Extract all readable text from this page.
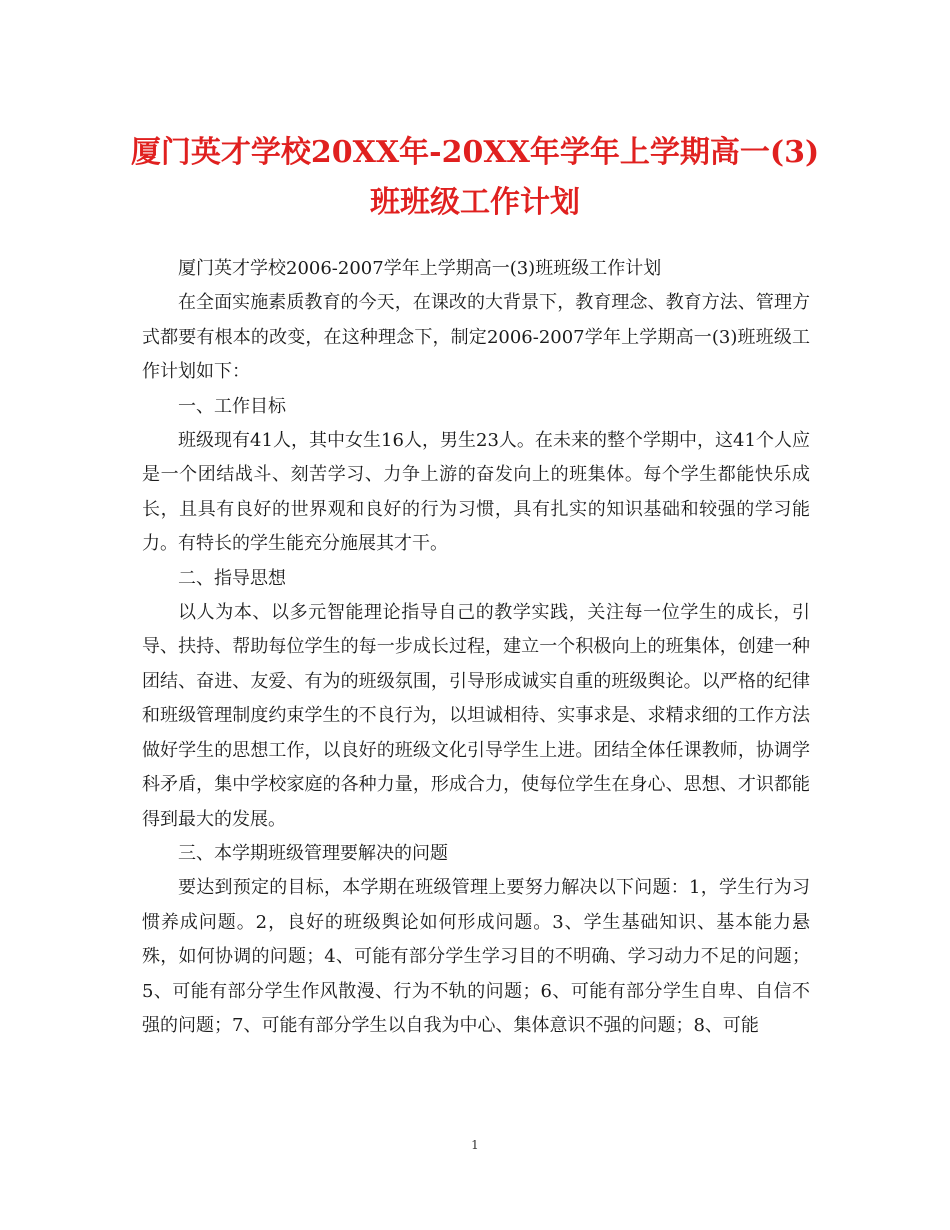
厦门英才学校20XX年-20XX年学年上学期高一(3)班班级工作计划

厦门英才学校2006-2007学年上学期高一(3)班班级工作计划

在全面实施素质教育的今天，在课改的大背景下，教育理念、教育方法、管理方式都要有根本的改变，在这种理念下，制定2006-2007学年上学期高一(3)班班级工作计划如下：

一、工作目标

班级现有41人，其中女生16人，男生23人。在未来的整个学期中，这41个人应是一个团结战斗、刻苦学习、力争上游的奋发向上的班集体。每个学生都能快乐成长，且具有良好的世界观和良好的行为习惯，具有扎实的知识基础和较强的学习能力。有特长的学生能充分施展其才干。

二、指导思想

以人为本、以多元智能理论指导自己的教学实践，关注每一位学生的成长，引导、扶持、帮助每位学生的每一步成长过程，建立一个积极向上的班集体，创建一种团结、奋进、友爱、有为的班级氛围，引导形成诚实自重的班级舆论。以严格的纪律和班级管理制度约束学生的不良行为，以坦诚相待、实事求是、求精求细的工作方法做好学生的思想工作，以良好的班级文化引导学生上进。团结全体任课教师，协调学科矛盾，集中学校家庭的各种力量，形成合力，使每位学生在身心、思想、才识都能得到最大的发展。

三、本学期班级管理要解决的问题

要达到预定的目标，本学期在班级管理上要努力解决以下问题：1，学生行为习惯养成问题。2，良好的班级舆论如何形成问题。3、学生基础知识、基本能力悬殊，如何协调的问题；4、可能有部分学生学习目的不明确、学习动力不足的问题；5、可能有部分学生作风散漫、行为不轨的问题；6、可能有部分学生自卑、自信不强的问题；7、可能有部分学生以自我为中心、集体意识不强的问题；8、可能

1
